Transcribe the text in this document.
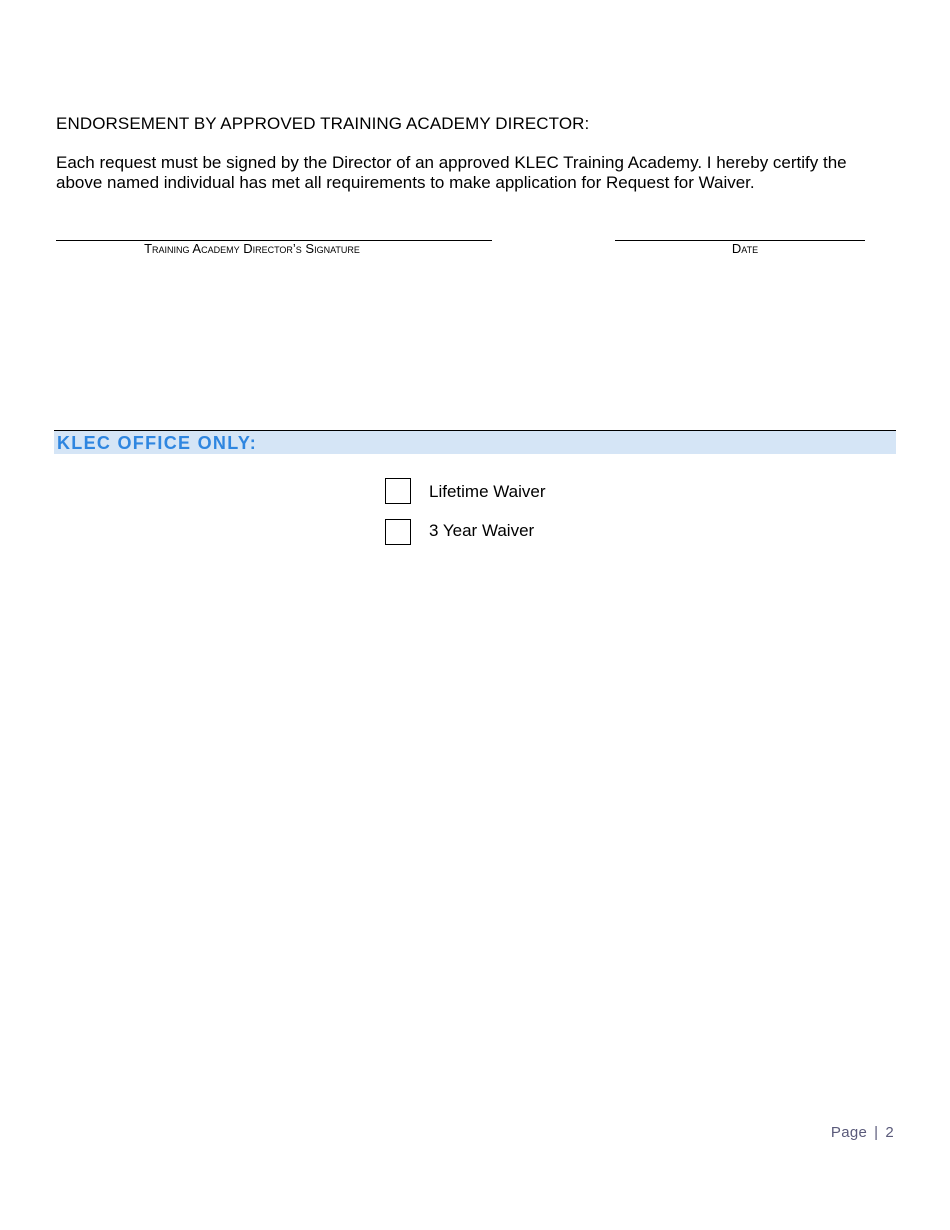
ENDORSEMENT BY APPROVED TRAINING ACADEMY DIRECTOR:
Each request must be signed by the Director of an approved KLEC Training Academy. I hereby certify the above named individual has met all requirements to make application for Request for Waiver.
Training Academy Director’s Signature	Date
KLEC OFFICE ONLY:
Lifetime Waiver
3 Year Waiver
Page | 2
